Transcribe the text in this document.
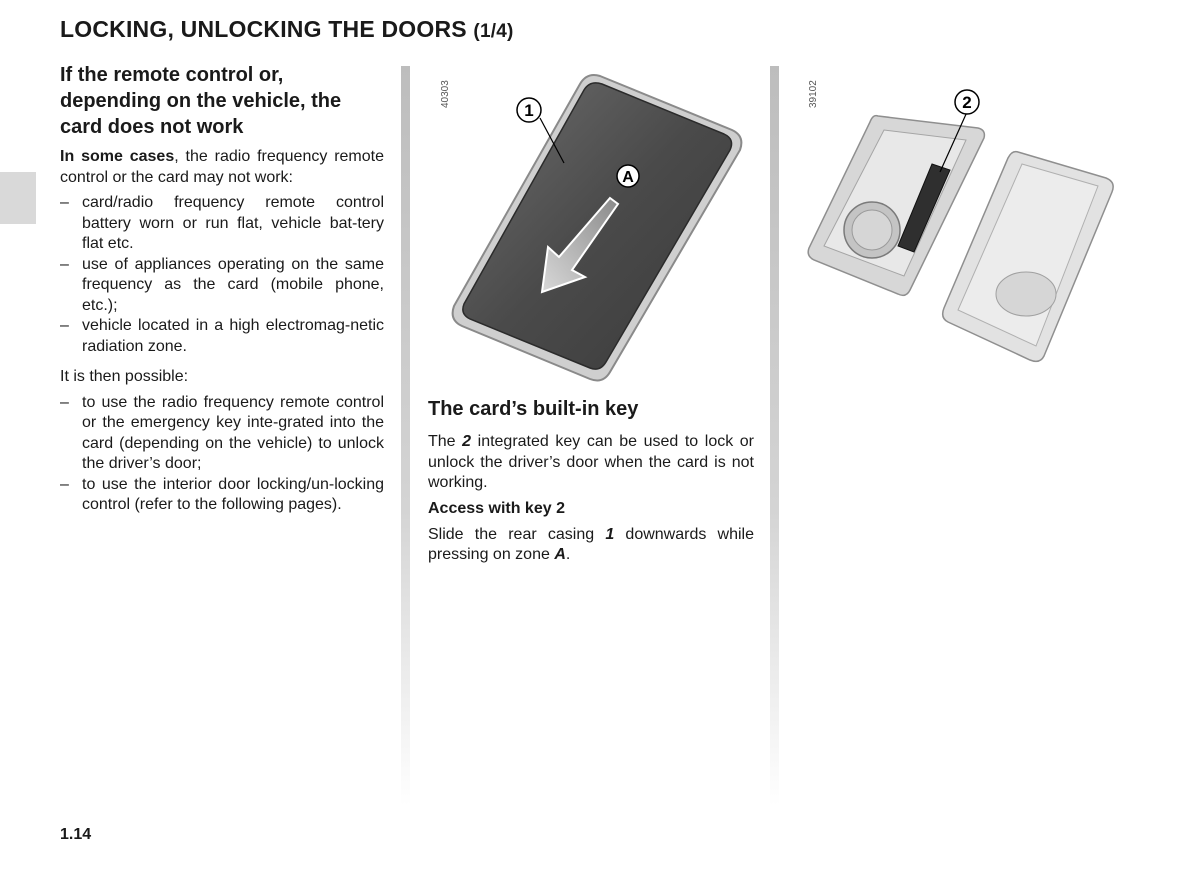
LOCKING, UNLOCKING THE DOORS (1/4)
If the remote control or, depending on the vehicle, the card does not work

In some cases, the radio frequency remote control or the card may not work:

– card/radio frequency remote control battery worn or run flat, vehicle bat-tery flat etc.
– use of appliances operating on the same frequency as the card (mobile phone, etc.);
– vehicle located in a high electromag-netic radiation zone.

It is then possible:

– to use the radio frequency remote control or the emergency key inte-grated into the card (depending on the vehicle) to unlock the driver’s door;
– to use the interior door locking/un-locking control (refer to the following pages).
40303	39102
1
A
2
The card’s built-in key

The 2 integrated key can be used to lock or unlock the driver’s door when the card is not working.

Access with key 2

Slide the rear casing 1 downwards while pressing on zone A.

1.14
